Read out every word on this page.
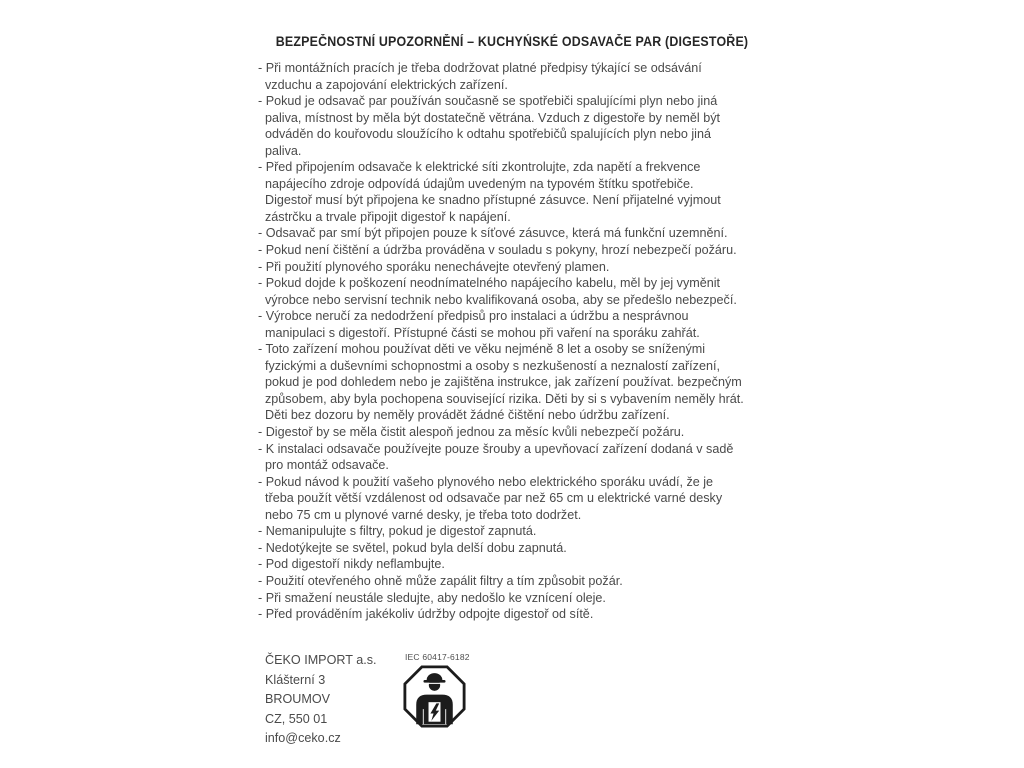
BEZPEČNOSTNÍ UPOZORNĚNÍ – KUCHYŃSKÉ ODSAVAČE PAR (DIGESTOŘE)
- Při montážních pracích je třeba dodržovat platné předpisy týkající se odsávání
vzduchu a zapojování elektrických zařízení.
- Pokud je odsavač par používán současně se spotřebiči spalujícími plyn nebo jiná
paliva, místnost by měla být dostatečně větrána. Vzduch z digestoře by neměl být
odváděn do kouřovodu sloužícího k odtahu spotřebičů spalujících plyn nebo jiná
paliva.
- Před připojením odsavače k elektrické síti zkontrolujte, zda napětí a frekvence
napájecího zdroje odpovídá údajům uvedeným na typovém štítku spotřebiče.
Digestoř musí být připojena ke snadno přístupné zásuvce. Není přijatelné vyjmout
zástrčku a trvale připojit digestoř k napájení.
- Odsavač par smí být připojen pouze k síťové zásuvce, která má funkční uzemnění.
- Pokud není čištění a údržba prováděna v souladu s pokyny, hrozí nebezpečí požáru.
- Při použití plynového sporáku nenechávejte otevřený plamen.
- Pokud dojde k poškození neodnímatelného napájecího kabelu, měl by jej vyměnit
výrobce nebo servisní technik nebo kvalifikovaná osoba, aby se předešlo nebezpečí.
- Výrobce neručí za nedodržení předpisů pro instalaci a údržbu a nesprávnou
manipulaci s digestoří. Přístupné části se mohou při vaření na sporáku zahřát.
- Toto zařízení mohou používat děti ve věku nejméně 8 let a osoby se sníženými
fyzickými a duševními schopnostmi a osoby s nezkušeností a neznalostí zařízení,
pokud je pod dohledem nebo je zajištěna instrukce, jak zařízení používat. bezpečným
způsobem, aby byla pochopena související rizika. Děti by si s vybavením neměly hrát.
Děti bez dozoru by neměly provádět žádné čištění nebo údržbu zařízení.
- Digestoř by se měla čistit alespoň jednou za měsíc kvůli nebezpečí požáru.
- K instalaci odsavače používejte pouze šrouby a upevňovací zařízení dodaná v sadě
pro montáž odsavače.
- Pokud návod k použití vašeho plynového nebo elektrického sporáku uvádí, že je
třeba použít větší vzdálenost od odsavače par než 65 cm u elektrické varné desky
nebo 75 cm u plynové varné desky, je třeba toto dodržet.
- Nemanipulujte s filtry, pokud je digestoř zapnutá.
- Nedotýkejte se světel, pokud byla delší dobu zapnutá.
- Pod digestoří nikdy neflambujte.
- Použití otevřeného ohně může zapálit filtry a tím způsobit požár.
- Při smažení neustále sledujte, aby nedošlo ke vznícení oleje.
- Před prováděním jakékoliv údržby odpojte digestoř od sítě.
ČEKO IMPORT a.s.
Klášterní 3
BROUMOV
CZ, 550 01
info@ceko.cz
IEC 60417-6182
